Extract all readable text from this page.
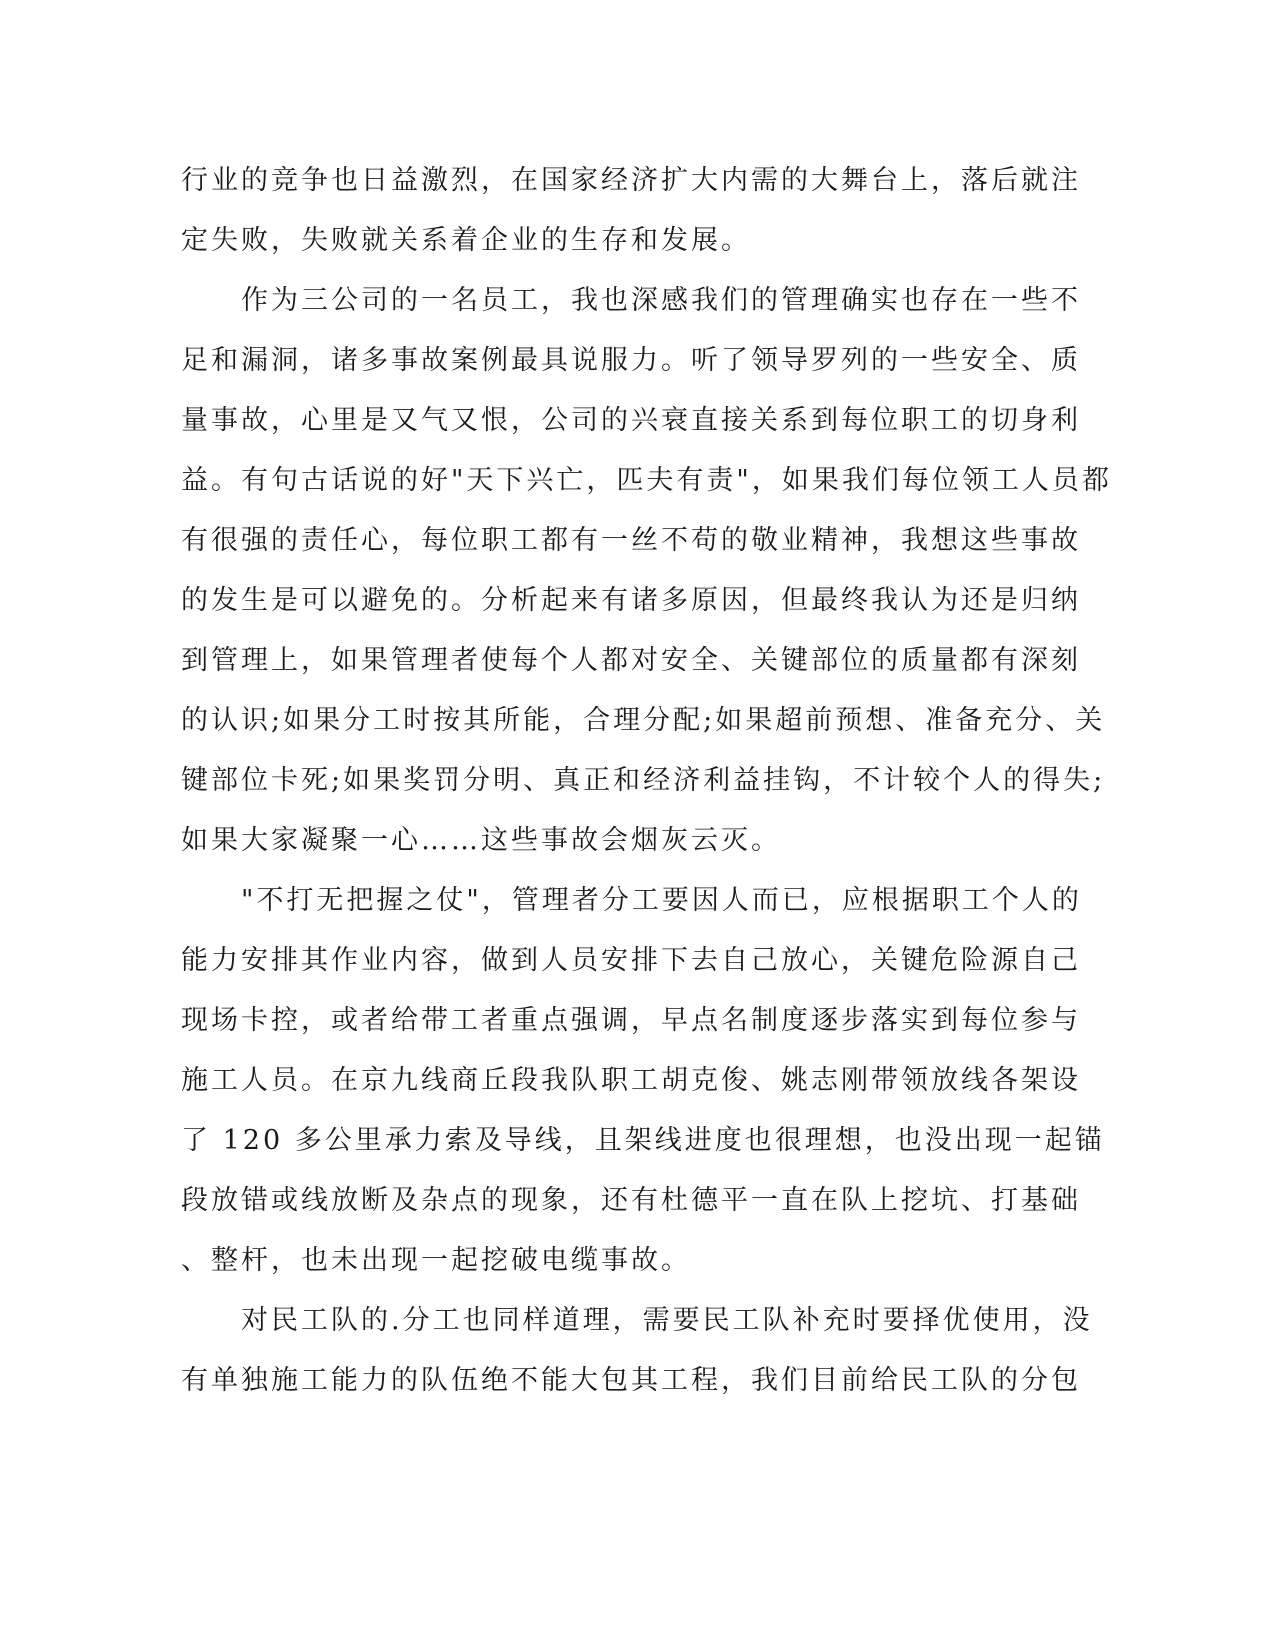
行业的竞争也日益激烈，在国家经济扩大内需的大舞台上，落后就注
定失败，失败就关系着企业的生存和发展。
　　作为三公司的一名员工，我也深感我们的管理确实也存在一些不
足和漏洞，诸多事故案例最具说服力。听了领导罗列的一些安全、质
量事故，心里是又气又恨，公司的兴衰直接关系到每位职工的切身利
益。有句古话说的好"天下兴亡，匹夫有责"，如果我们每位领工人员都
有很强的责任心，每位职工都有一丝不苟的敬业精神，我想这些事故
的发生是可以避免的。分析起来有诸多原因，但最终我认为还是归纳
到管理上，如果管理者使每个人都对安全、关键部位的质量都有深刻
的认识;如果分工时按其所能，合理分配;如果超前预想、准备充分、关
键部位卡死;如果奖罚分明、真正和经济利益挂钩，不计较个人的得失;
如果大家凝聚一心……这些事故会烟灰云灭。
　　"不打无把握之仗"，管理者分工要因人而已，应根据职工个人的
能力安排其作业内容，做到人员安排下去自己放心，关键危险源自己
现场卡控，或者给带工者重点强调，早点名制度逐步落实到每位参与
施工人员。在京九线商丘段我队职工胡克俊、姚志刚带领放线各架设
了 120 多公里承力索及导线，且架线进度也很理想，也没出现一起锚
段放错或线放断及杂点的现象，还有杜德平一直在队上挖坑、打基础
、整杆，也未出现一起挖破电缆事故。
　　对民工队的.分工也同样道理，需要民工队补充时要择优使用，没
有单独施工能力的队伍绝不能大包其工程，我们目前给民工队的分包
